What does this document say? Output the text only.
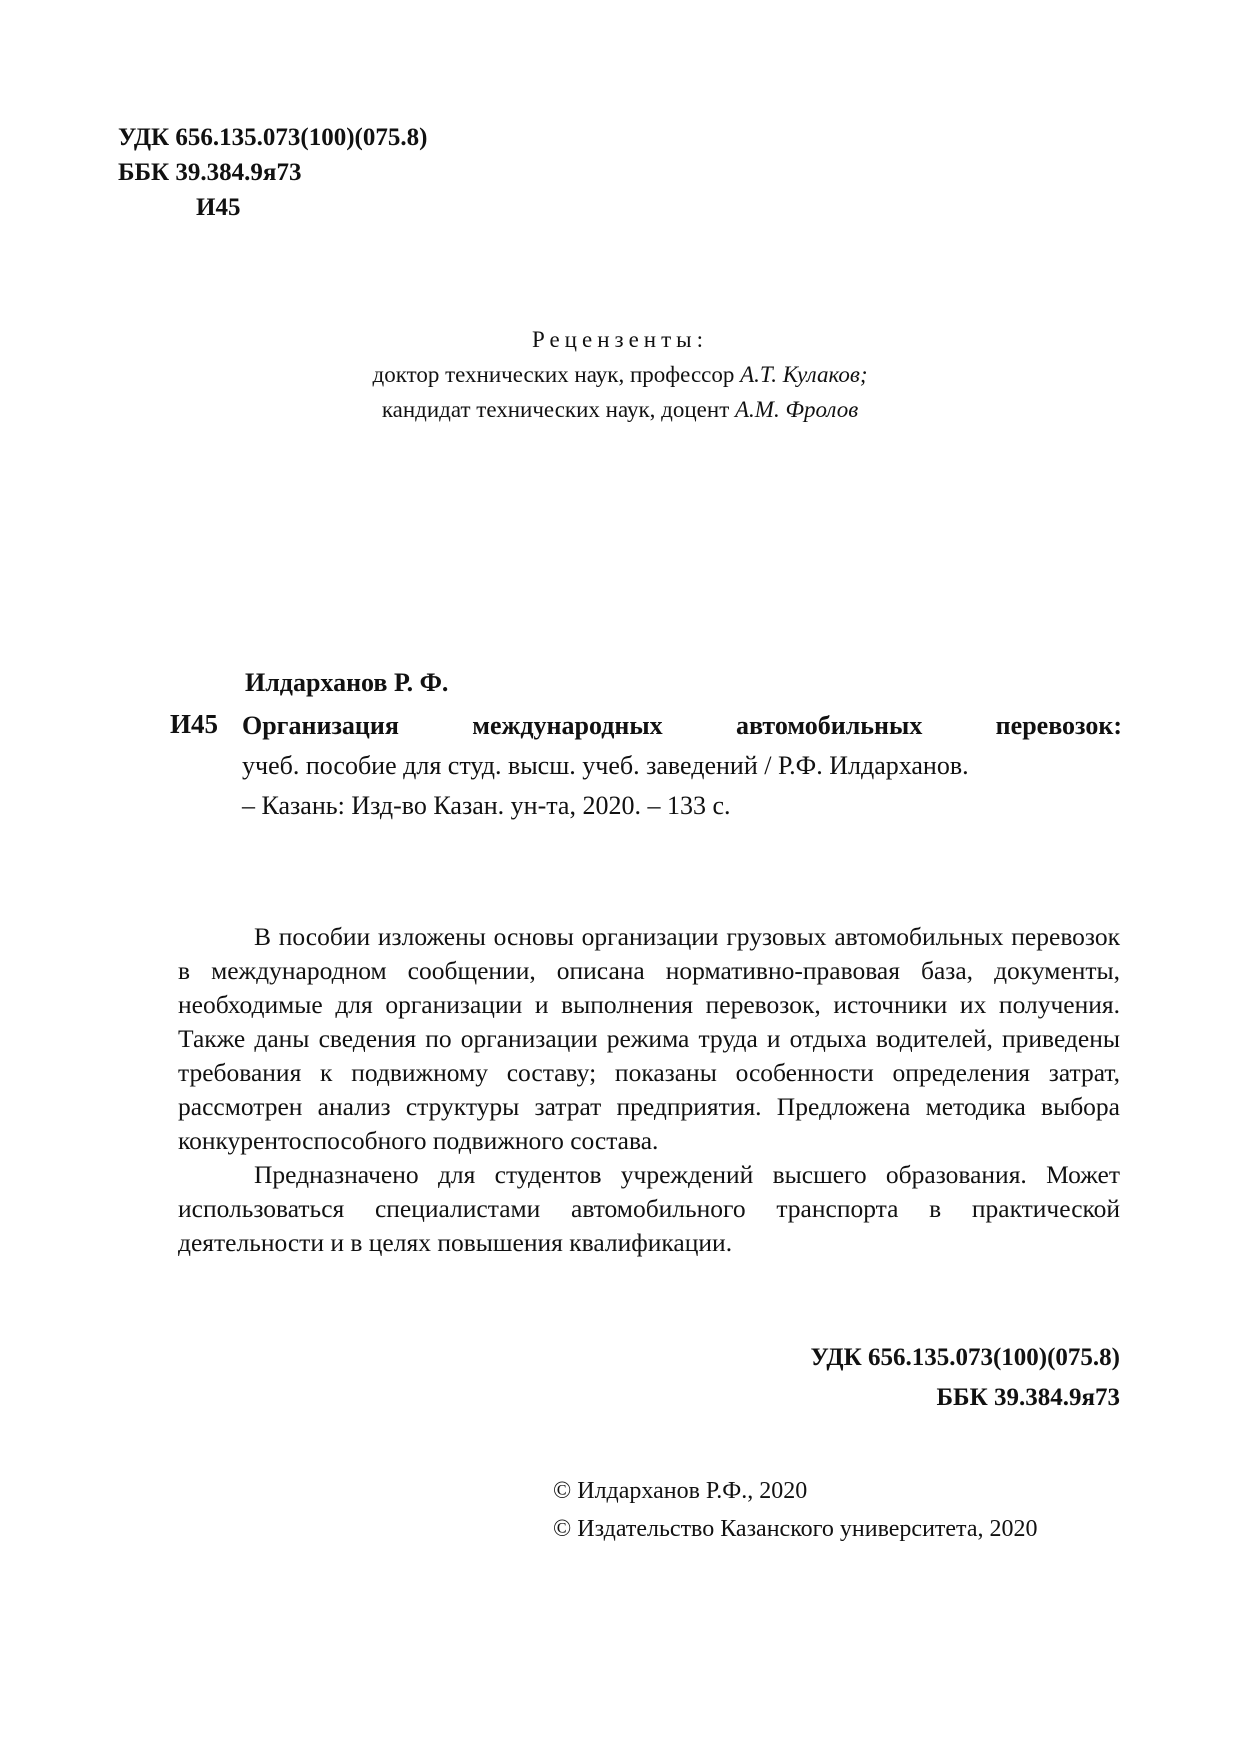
УДК 656.135.073(100)(075.8)
ББК 39.384.9я73
И45
Рецензенты:
доктор технических наук, профессор А.Т. Кулаков;
кандидат технических наук, доцент А.М. Фролов
Илдарханов Р. Ф.
И45 Организация международных автомобильных перевозок:
учеб. пособие для студ. высш. учеб. заведений / Р.Ф. Илдарханов.
– Казань: Изд-во Казан. ун-та, 2020. – 133 с.

В пособии изложены основы организации грузовых автомобильных перевозок в международном сообщении, описана нормативно-правовая база, документы, необходимые для организации и выполнения перевозок, источники их получения. Также даны сведения по организации режима труда и отдыха водителей, приведены требования к подвижному составу; показаны особенности определения затрат, рассмотрен анализ структуры затрат предприятия. Предложена методика выбора конкурентоспособного подвижного состава.

Предназначено для студентов учреждений высшего образования. Может использоваться специалистами автомобильного транспорта в практической деятельности и в целях повышения квалификации.

УДК 656.135.073(100)(075.8)
ББК 39.384.9я73
© Илдарханов Р.Ф., 2020
© Издательство Казанского университета, 2020
